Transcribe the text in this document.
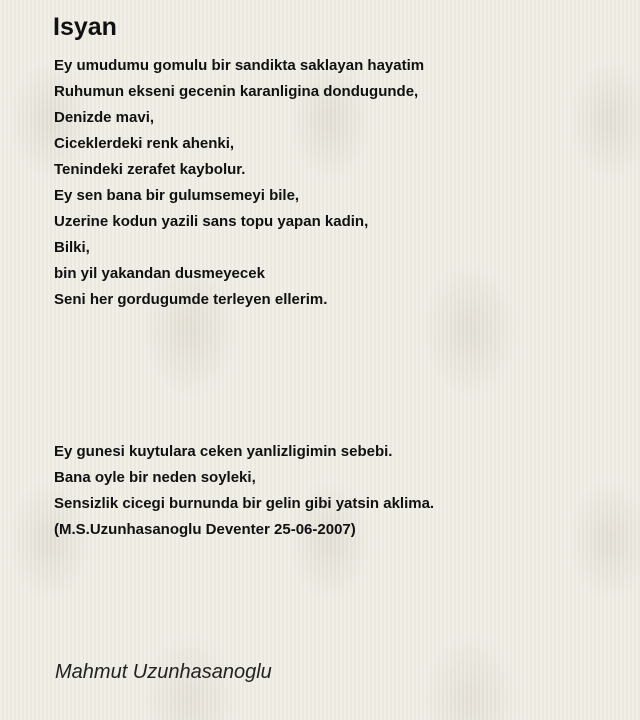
Isyan
Ey umudumu gomulu bir sandikta saklayan hayatim
Ruhumun ekseni gecenin karanligina dondugunde,
Denizde mavi,
Ciceklerdeki renk ahenki,
Tenindeki zerafet kaybolur.
Ey sen bana bir gulumsemeyi bile,
Uzerine kodun yazili sans topu yapan kadin,
Bilki,
bin yil yakandan dusmeyecek
Seni her gordugumde terleyen ellerim.
Ey gunesi kuytulara ceken yanlizligimin sebebi.
Bana oyle bir neden soyleki,
Sensizlik cicegi burnunda bir gelin gibi yatsin aklima.
(M.S.Uzunhasanoglu Deventer 25-06-2007)
Mahmut Uzunhasanoglu
